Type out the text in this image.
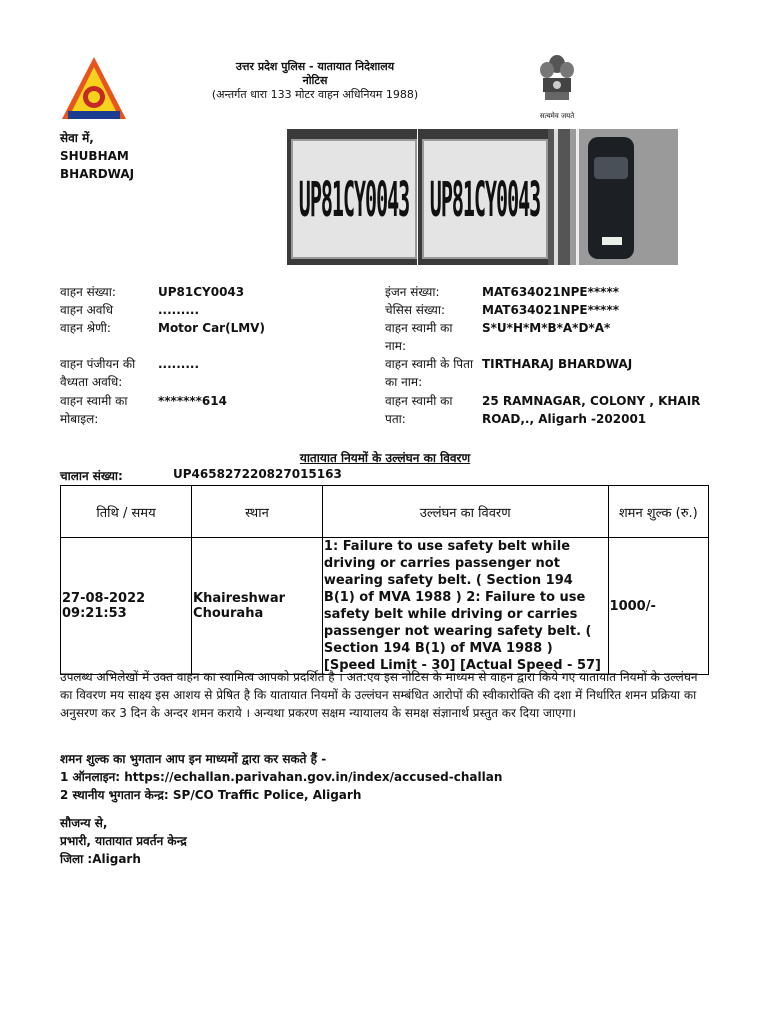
उत्तर प्रदेश पुलिस - यातायात निदेशालय
नोटिस
(अन्तर्गत धारा 133 मोटर वाहन अधिनियम 1988)
सत्यमेव जयते
सेवा में,
SHUBHAM
BHARDWAJ	UP81CY0043 UP81CY0043
वाहन संख्या:	UP81CY0043
वाहन अवधि	.........
वाहन श्रेणी:	Motor Car(LMV)
वाहन पंजीयन की
वैध्यता अवधि:
.........
वाहन स्वामी का
मोबाइल:
*******614
इंजन संख्या:	MAT634021NPE*****
चेसिस संख्या:	MAT634021NPE*****
वाहन स्वामी का
नाम:
S*U*H*M*B*A*D*A*
वाहन स्वामी के पिता
का नाम:
TIRTHARAJ BHARDWAJ
वाहन स्वामी का
पता:
25 RAMNAGAR, COLONY , KHAIR
ROAD,., Aligarh -202001
यातायात नियमों के उल्लंघन का विवरण
चालान संख्या:	UP465827220827015163
तिथि / समय	स्थान	उल्लंघन का विवरण	शमन शुल्क (रु.)
27-08-2022 09:21:53	Khaireshwar Chouraha	1: Failure to use safety belt while driving or carries passenger not wearing safety belt. ( Section 194 B(1) of MVA 1988 ) 2: Failure to use safety belt while driving or carries passenger not wearing safety belt. ( Section 194 B(1) of MVA 1988 ) [Speed Limit - 30] [Actual Speed - 57]	1000/-
उपलब्ध अभिलेखों में उक्त वाहन का स्वामित्व आपको प्रदर्शित है । अत:एव इस नोटिस के माध्यम से वाहन द्वारा किये गए यातायात नियमों के उल्लंघन का विवरण मय साक्ष्य इस आशय से प्रेषित है कि यातायात नियमों के उल्लंघन सम्बंधित आरोपों की स्वीकारोक्ति की दशा में निर्धारित शमन प्रक्रिया का अनुसरण कर 3 दिन के अन्दर शमन कराये । अन्यथा प्रकरण सक्षम न्यायालय के समक्ष संज्ञानार्थ प्रस्तुत कर दिया जाएगा।
शमन शुल्क का भुगतान आप इन माध्यमों द्वारा कर सकते हैं -
1 ऑनलाइन: https://echallan.parivahan.gov.in/index/accused-challan
2 स्थानीय भुगतान केन्द्र: SP/CO Traffic Police, Aligarh
सौजन्य से,
प्रभारी, यातायात प्रवर्तन केन्द्र
जिला :Aligarh
